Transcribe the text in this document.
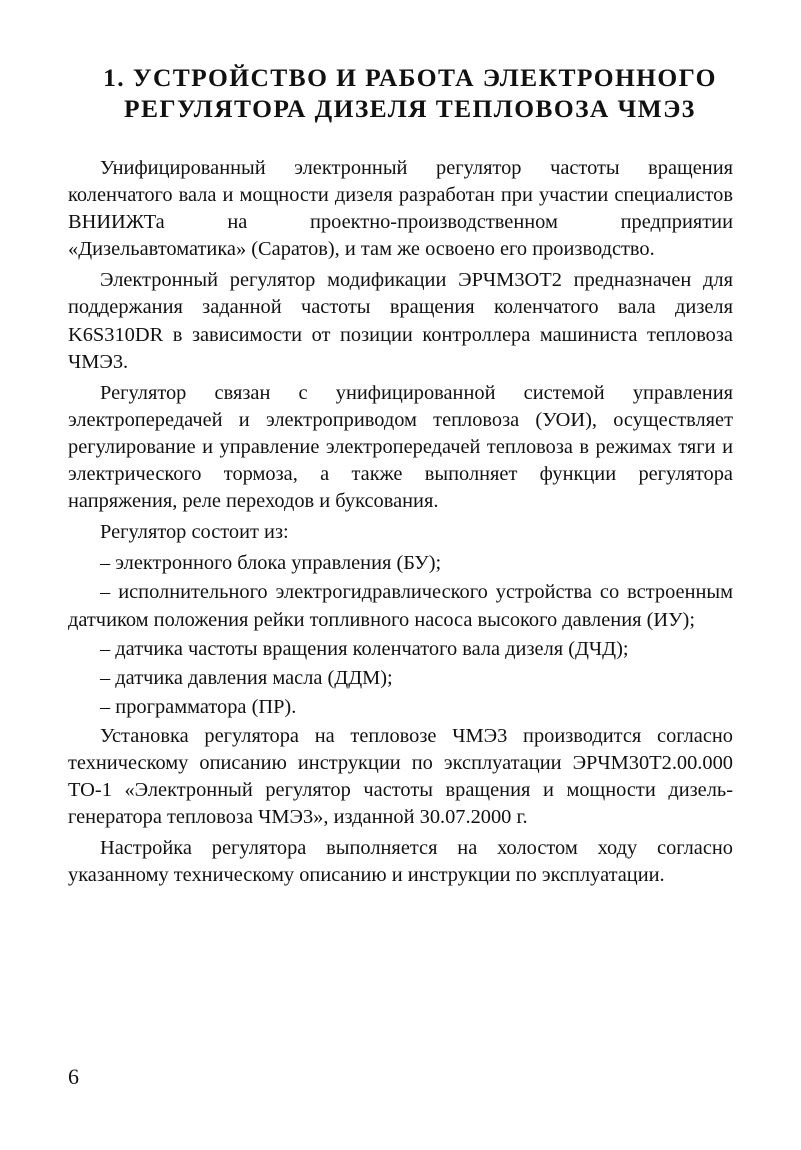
1. УСТРОЙСТВО И РАБОТА ЭЛЕКТРОННОГО
РЕГУЛЯТОРА ДИЗЕЛЯ ТЕПЛОВОЗА ЧМЭ3

Унифицированный электронный регулятор частоты вращения коленчатого вала и мощности дизеля разработан при участии специалистов ВНИИЖТа на проектно-производственном предприятии «Дизельавтоматика» (Саратов), и там же освоено его производство.

Электронный регулятор модификации ЭРЧМ3ОТ2 предназначен для поддержания заданной частоты вращения коленчатого вала дизеля K6S310DR в зависимости от позиции контроллера машиниста тепловоза ЧМЭ3.

Регулятор связан с унифицированной системой управления электропередачей и электроприводом тепловоза (УОИ), осуществляет регулирование и управление электропередачей тепловоза в режимах тяги и электрического тормоза, а также выполняет функции регулятора напряжения, реле переходов и буксования.

Регулятор состоит из:

– электронного блока управления (БУ);

– исполнительного электрогидравлического устройства со встроенным датчиком положения рейки топливного насоса высокого давления (ИУ);

– датчика частоты вращения коленчатого вала дизеля (ДЧД);

– датчика давления масла (ДДМ);

– программатора (ПР).

Установка регулятора на тепловозе ЧМЭ3 производится согласно техническому описанию инструкции по эксплуатации ЭРЧМ30Т2.00.000 ТО-1 «Электронный регулятор частоты вращения и мощности дизель-генератора тепловоза ЧМЭ3», изданной 30.07.2000 г.

Настройка регулятора выполняется на холостом ходу согласно указанному техническому описанию и инструкции по эксплуатации.

6
